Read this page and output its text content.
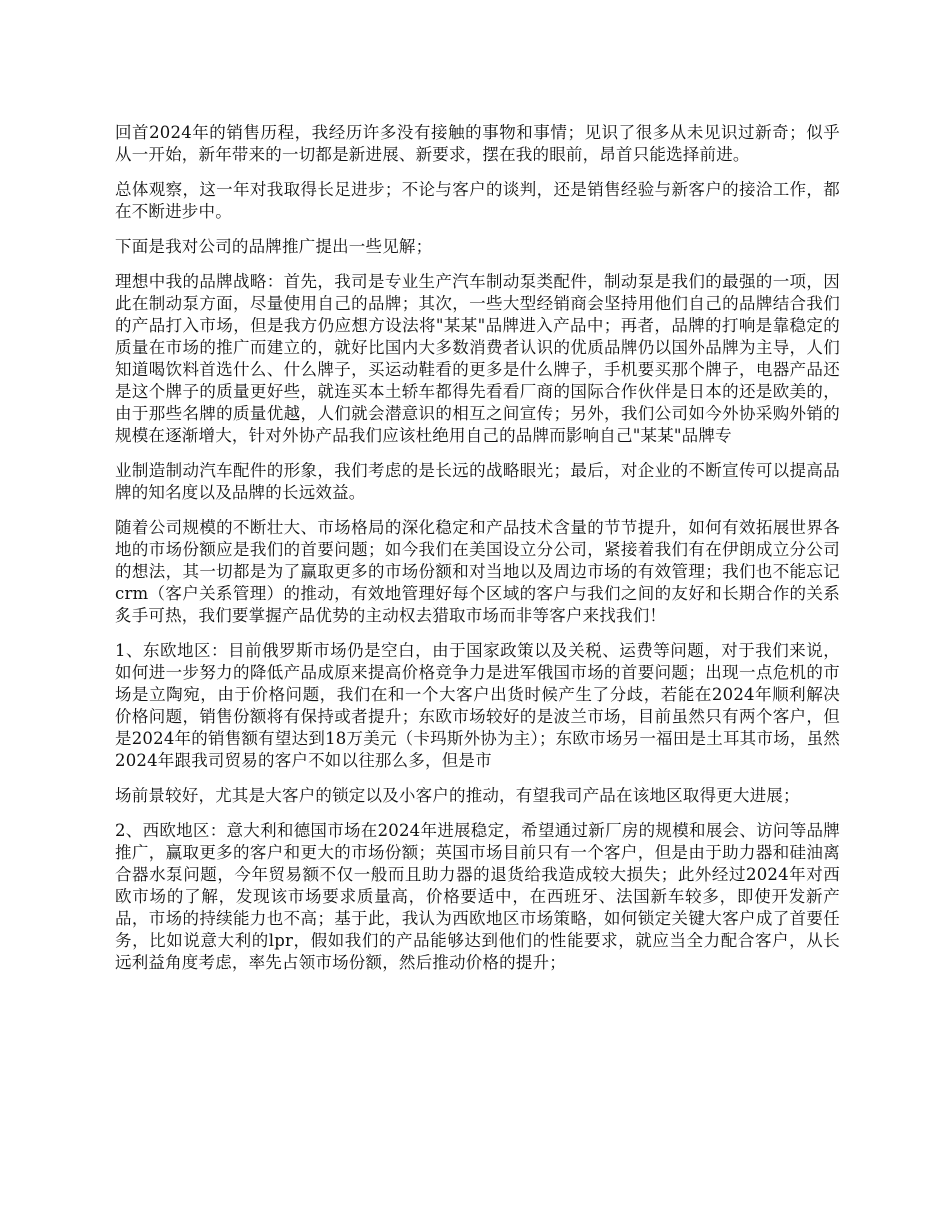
回首2024年的销售历程，我经历许多没有接触的事物和事情；见识了很多从未见识过新奇；似乎从一开始，新年带来的一切都是新进展、新要求，摆在我的眼前，昂首只能选择前进。

总体观察，这一年对我取得长足进步；不论与客户的谈判，还是销售经验与新客户的接洽工作，都在不断进步中。

下面是我对公司的品牌推广提出一些见解；

理想中我的品牌战略：首先，我司是专业生产汽车制动泵类配件，制动泵是我们的最强的一项，因此在制动泵方面，尽量使用自己的品牌；其次，一些大型经销商会坚持用他们自己的品牌结合我们的产品打入市场，但是我方仍应想方设法将"某某"品牌进入产品中；再者，品牌的打响是靠稳定的质量在市场的推广而建立的，就好比国内大多数消费者认识的优质品牌仍以国外品牌为主导，人们知道喝饮料首选什么、什么牌子，买运动鞋看的更多是什么牌子，手机要买那个牌子，电器产品还是这个牌子的质量更好些，就连买本土轿车都得先看看厂商的国际合作伙伴是日本的还是欧美的，由于那些名牌的质量优越，人们就会潜意识的相互之间宣传；另外，我们公司如今外协采购外销的规模在逐渐增大，针对外协产品我们应该杜绝用自己的品牌而影响自己"某某"品牌专

业制造制动汽车配件的形象，我们考虑的是长远的战略眼光；最后，对企业的不断宣传可以提高品牌的知名度以及品牌的长远效益。

随着公司规模的不断壮大、市场格局的深化稳定和产品技术含量的节节提升，如何有效拓展世界各地的市场份额应是我们的首要问题；如今我们在美国设立分公司，紧接着我们有在伊朗成立分公司的想法，其一切都是为了赢取更多的市场份额和对当地以及周边市场的有效管理；我们也不能忘记crm（客户关系管理）的推动，有效地管理好每个区域的客户与我们之间的友好和长期合作的关系炙手可热，我们要掌握产品优势的主动权去猎取市场而非等客户来找我们！

1、东欧地区：目前俄罗斯市场仍是空白，由于国家政策以及关税、运费等问题，对于我们来说，如何进一步努力的降低产品成原来提高价格竞争力是进军俄国市场的首要问题；出现一点危机的市场是立陶宛，由于价格问题，我们在和一个大客户出货时候产生了分歧，若能在2024年顺利解决价格问题，销售份额将有保持或者提升；东欧市场较好的是波兰市场，目前虽然只有两个客户，但是2024年的销售额有望达到18万美元（卡玛斯外协为主）；东欧市场另一福田是土耳其市场，虽然2024年跟我司贸易的客户不如以往那么多，但是市

场前景较好，尤其是大客户的锁定以及小客户的推动，有望我司产品在该地区取得更大进展；

2、西欧地区：意大利和德国市场在2024年进展稳定，希望通过新厂房的规模和展会、访问等品牌推广，赢取更多的客户和更大的市场份额；英国市场目前只有一个客户，但是由于助力器和硅油离合器水泵问题，今年贸易额不仅一般而且助力器的退货给我造成较大损失；此外经过2024年对西欧市场的了解，发现该市场要求质量高，价格要适中，在西班牙、法国新车较多，即使开发新产品，市场的持续能力也不高；基于此，我认为西欧地区市场策略，如何锁定关键大客户成了首要任务，比如说意大利的lpr，假如我们的产品能够达到他们的性能要求，就应当全力配合客户，从长远利益角度考虑，率先占领市场份额，然后推动价格的提升；
